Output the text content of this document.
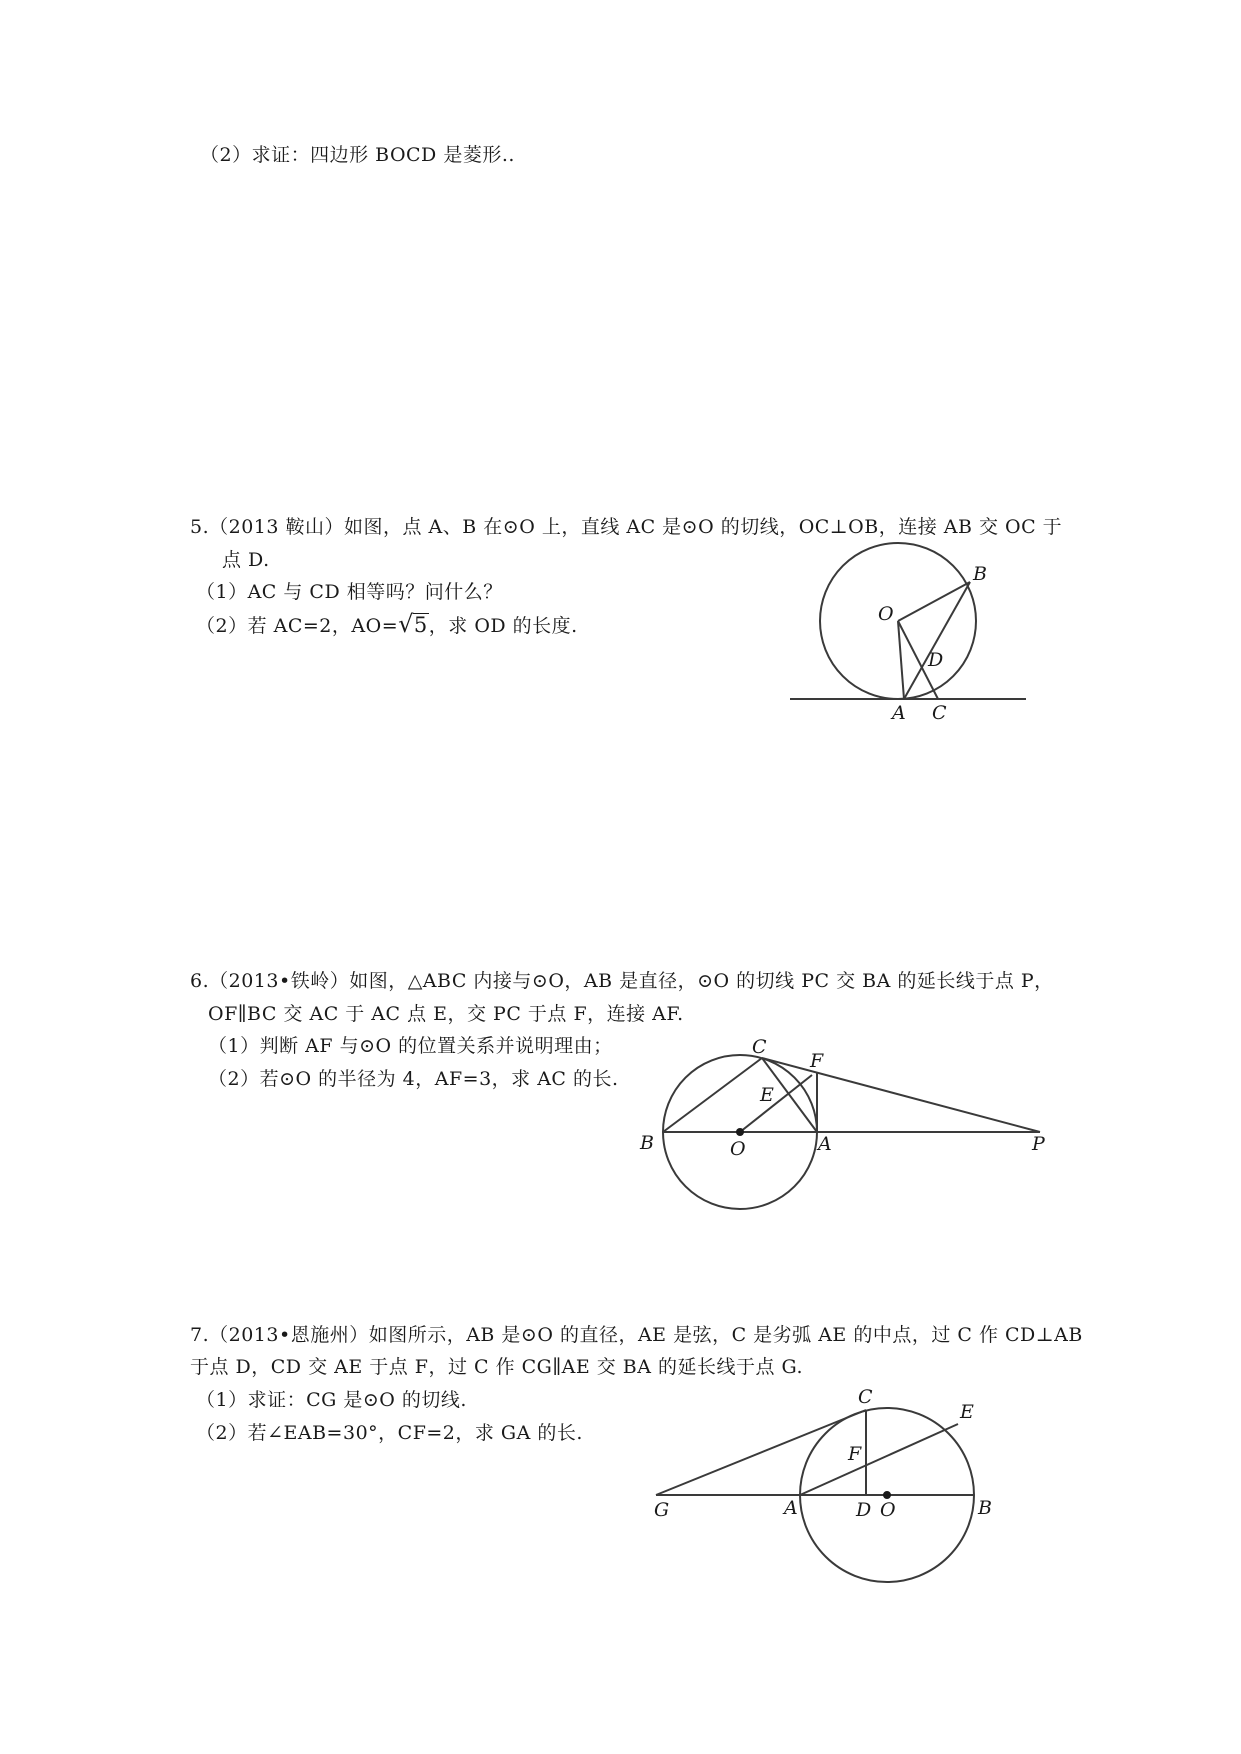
（2）求证：四边形 BOCD 是菱形..
5.（2013 鞍山）如图，点 A、B 在⊙O 上，直线 AC 是⊙O 的切线，OC⊥OB，连接 AB 交 OC 于
点 D.
（1）AC 与 CD 相等吗？问什么？
（2）若 AC=2，AO=√5，求 OD 的长度.
O
B
D
A C
6.（2013•铁岭）如图，△ABC 内接与⊙O，AB 是直径，⊙O 的切线 PC 交 BA 的延长线于点 P，
OF∥BC 交 AC 于 AC 点 E，交 PC 于点 F，连接 AF.
（1）判断 AF 与⊙O 的位置关系并说明理由；
（2）若⊙O 的半径为 4，AF=3，求 AC 的长.
C
F
E
B	O	A	P
7.（2013•恩施州）如图所示，AB 是⊙O 的直径，AE 是弦，C 是劣弧 AE 的中点，过 C 作 CD⊥AB
于点 D，CD 交 AE 于点 F，过 C 作 CG∥AE 交 BA 的延长线于点 G.
（1）求证：CG 是⊙O 的切线.
（2）若∠EAB=30°，CF=2，求 GA 的长.
C
E
F
G	A	D O	B
